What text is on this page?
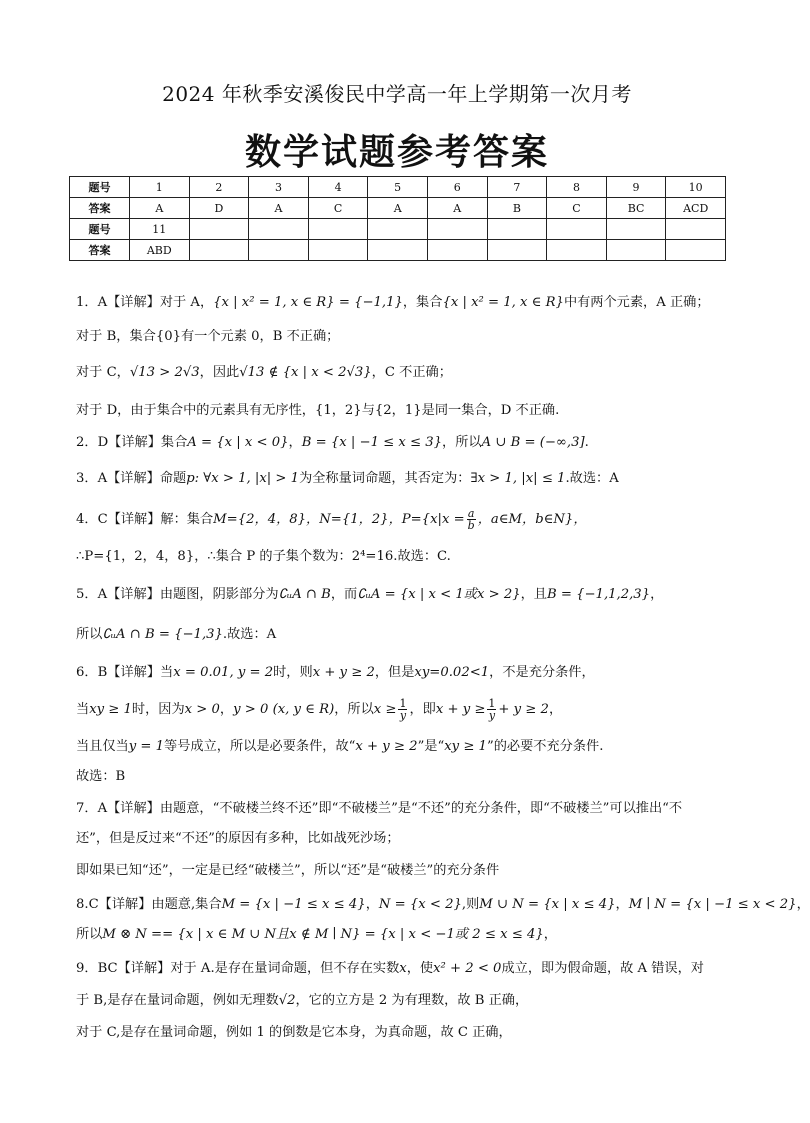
2024 年秋季安溪俊民中学高一年上学期第一次月考
数学试题参考答案
题号	1	2	3	4	5	6	7	8	9	10
答案	A	D	A	C	A	A	B	C	BC	ACD
题号	11									
答案	ABD									
1．A【详解】对于 A，{x | x² = 1, x ∈ R} = {−1,1}，集合{x | x² = 1, x ∈ R}中有两个元素，A 正确；
对于 B，集合{0}有一个元素 0，B 不正确；
对于 C，√13 > 2√3，因此√13 ∉ {x | x < 2√3}，C 不正确；
对于 D，由于集合中的元素具有无序性，{1，2}与{2，1}是同一集合，D 不正确.
2．D【详解】集合A = {x | x < 0}，B = {x | −1 ≤ x ≤ 3}，所以A ∪ B = (−∞,3].
3．A【详解】命题p: ∀x > 1, |x| > 1为全称量词命题，其否定为：∃x > 1, |x| ≤ 1.故选：A
4．C【详解】解：集合M={2，4，8}，N={1，2}，$P=\{x|x = \frac{a}{b}$ ，a∈M，b∈N}，
∴P={1，2，4，8}，∴集合 P 的子集个数为：2⁴=16.故选：C.
5．A【详解】由题图，阴影部分为∁ᵤA ∩ B，而∁ᵤA = {x | x < 1或x > 2}，且B = {−1,1,2,3}，
所以∁ᵤA ∩ B = {−1,3}.故选：A
6．B【详解】当x = 0.01, y = 2时，则x + y ≥ 2，但是xy=0.02<1，不是充分条件，
当xy ≥ 1时，因为x > 0，y > 0 (x, y ∈ R)，所以$x \ge \frac{1}{y}$ ，即$x + y \ge \frac{1}{y} + y \ge 2$，
当且仅当y = 1等号成立，所以是必要条件，故“x + y ≥ 2”是“xy ≥ 1”的必要不充分条件.
故选：B
7．A【详解】由题意，“不破楼兰终不还”即“不破楼兰”是“不还”的充分条件，即“不破楼兰”可以推出“不
还”，但是反过来“不还”的原因有多种，比如战死沙场；
即如果已知“还”，一定是已经“破楼兰”，所以“还”是“破楼兰”的充分条件
8.C【详解】由题意,集合M = {x | −1 ≤ x ≤ 4}，N = {x < 2},则M ∪ N = {x | x ≤ 4}，M ∣ N = {x | −1 ≤ x < 2}，
所以M ⊗ N == {x | x ∈ M ∪ N且x ∉ M ∣ N} = {x | x < −1或 2 ≤ x ≤ 4}，
9．BC【详解】对于 A.是存在量词命题，但不存在实数x，使x² + 2 < 0成立，即为假命题，故 A 错误，对
于 B,是存在量词命题，例如无理数√2，它的立方是 2 为有理数，故 B 正确，
对于 C,是存在量词命题，例如 1 的倒数是它本身，为真命题，故 C 正确，
